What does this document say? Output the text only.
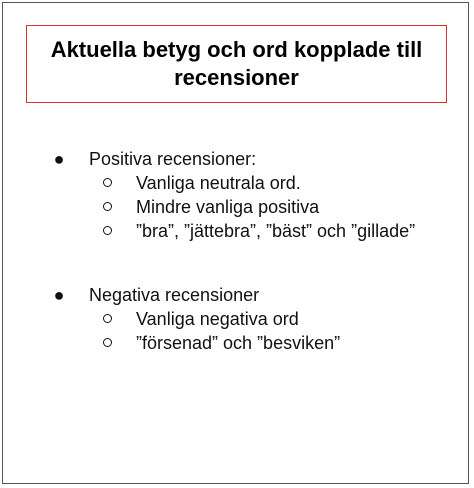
Aktuella betyg och ord kopplade till recensioner
● Positiva recensioner:
Vanliga neutrala ord.
Mindre vanliga positiva
”bra”, ”jättebra”, ”bäst” och ”gillade”
● Negativa recensioner
Vanliga negativa ord
”försenad” och ”besviken”
